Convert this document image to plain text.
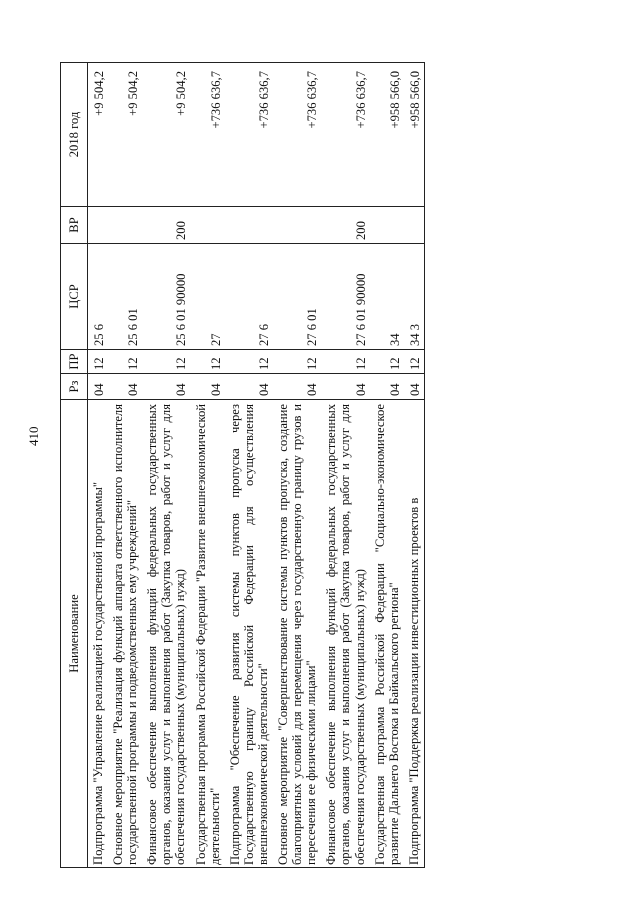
410
Наименование	Рз	ПР	ЦСР	ВР	2018 год
Подпрограмма "Управление реализацией государственной программы"	04	12	25 6		+9 504,2
Основное мероприятие "Реализация функций аппарата ответственного исполнителя государственной программы и подведомственных ему учреждений"	04	12	25 6 01		+9 504,2
Финансовое обеспечение выполнения функций федеральных государственных органов, оказания услуг и выполнения работ (Закупка товаров, работ и услуг для обеспечения государственных (муниципальных) нужд)	04	12	25 6 01 90000	200	+9 504,2
Государственная программа Российской Федерации "Развитие внешнеэкономической деятельности"	04	12	27		+736 636,7
Подпрограмма "Обеспечение развития системы пунктов пропуска через Государственную границу Российской Федерации для осуществления внешнеэкономической деятельности"	04	12	27 6		+736 636,7
Основное мероприятие "Совершенствование системы пунктов пропуска, создание благоприятных условий для перемещения через государственную границу грузов и пересечения ее физическими лицами"	04	12	27 6 01		+736 636,7
Финансовое обеспечение выполнения функций федеральных государственных органов, оказания услуг и выполнения работ (Закупка товаров, работ и услуг для обеспечения государственных (муниципальных) нужд)	04	12	27 6 01 90000	200	+736 636,7
Государственная программа Российской Федерации "Социально-экономическое развитие Дальнего Востока и Байкальского региона"	04	12	34		+958 566,0
Подпрограмма "Поддержка реализации инвестиционных проектов в	04	12	34 3		+958 566,0
